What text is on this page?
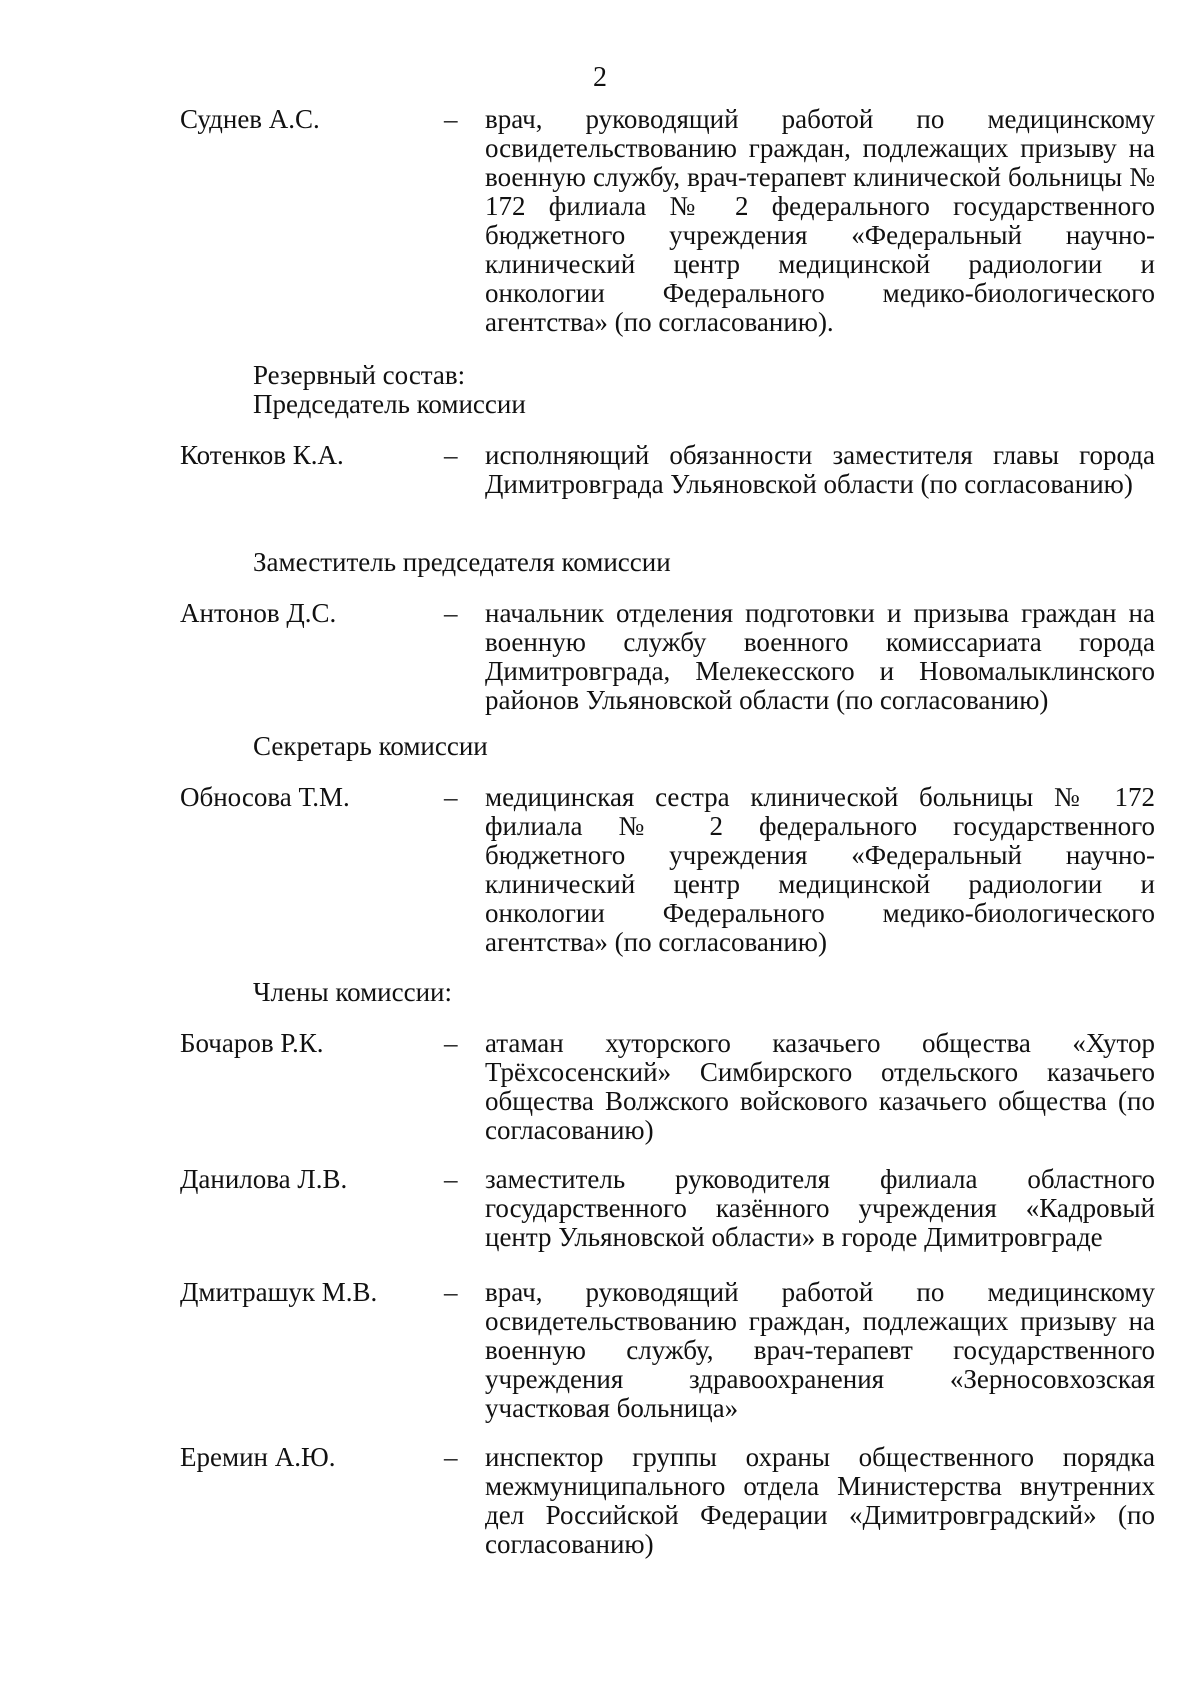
2
Суднев А.С.	– врач, руководящий работой по медицинскому освидетельствованию граждан, подлежащих призыву на военную службу, врач-терапевт клинической больницы № 172 филиала № 2 федерального государственного бюджетного учреждения «Федеральный научно-клинический центр медицинской радиологии и онкологии Федерального медико-биологического агентства» (по согласованию).
Резервный состав:
Председатель комиссии
Котенков К.А.	– исполняющий обязанности заместителя главы города Димитровграда Ульяновской области (по согласованию)
Заместитель председателя комиссии
Антонов Д.С.	– начальник отделения подготовки и призыва граждан на военную службу военного комиссариата города Димитровграда, Мелекесского и Новомалыклинского районов Ульяновской области (по согласованию)
Секретарь комиссии
Обносова Т.М.	– медицинская сестра клинической больницы № 172 филиала № 2 федерального государственного бюджетного учреждения «Федеральный научно-клинический центр медицинской радиологии и онкологии Федерального медико-биологического агентства» (по согласованию)
Члены комиссии:
Бочаров Р.К.	– атаман хуторского казачьего общества «Хутор Трёхсосенский» Симбирского отдельского казачьего общества Волжского войскового казачьего общества (по согласованию)
Данилова Л.В.	– заместитель руководителя филиала областного государственного казённого учреждения «Кадровый центр Ульяновской области» в городе Димитровграде
Дмитрашук М.В. – врач, руководящий работой по медицинскому освидетельствованию граждан, подлежащих призыву на военную службу, врач-терапевт государственного учреждения здравоохранения «Зерносовхозская участковая больница»
Еремин А.Ю.	– инспектор группы охраны общественного порядка межмуниципального отдела Министерства внутренних дел Российской Федерации «Димитровградский» (по согласованию)
